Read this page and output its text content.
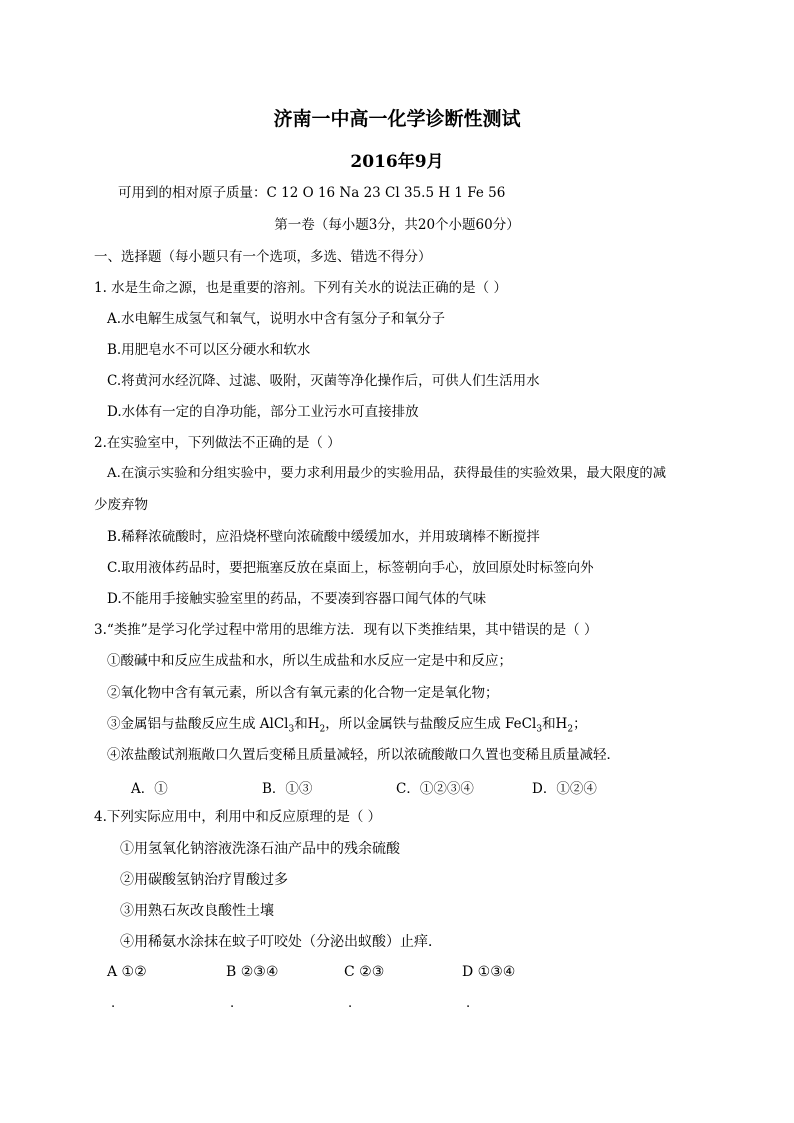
济南一中高一化学诊断性测试
2016年9月
可用到的相对原子质量：C 12 O 16 Na 23 Cl 35.5 H 1 Fe 56
第一卷（每小题3分，共20个小题60分）
一、选择题（每小题只有一个选项，多选、错选不得分）
1. 水是生命之源，也是重要的溶剂。下列有关水的说法正确的是（ ）
A.水电解生成氢气和氧气，说明水中含有氢分子和氧分子
B.用肥皂水不可以区分硬水和软水
C.将黄河水经沉降、过滤、吸附，灭菌等净化操作后，可供人们生活用水
D.水体有一定的自净功能，部分工业污水可直接排放
2.在实验室中，下列做法不正确的是（ ）
A.在演示实验和分组实验中，要力求利用最少的实验用品，获得最佳的实验效果，最大限度的减
少废弃物
B.稀释浓硫酸时，应沿烧杯壁向浓硫酸中缓缓加水，并用玻璃棒不断搅拌
C.取用液体药品时，要把瓶塞反放在桌面上，标签朝向手心，放回原处时标签向外
D.不能用手接触实验室里的药品，不要凑到容器口闻气体的气味
3.“类推”是学习化学过程中常用的思维方法．现有以下类推结果，其中错误的是（ ）
①酸碱中和反应生成盐和水，所以生成盐和水反应一定是中和反应；
②氧化物中含有氧元素，所以含有氧元素的化合物一定是氧化物；
③金属铝与盐酸反应生成 AlCl$_3$和$H_2$，所以金属铁与盐酸反应生成 FeCl$_3$和$H_2$；
④浓盐酸试剂瓶敞口久置后变稀且质量减轻，所以浓硫酸敞口久置也变稀且质量减轻．
A．①	B．①③	C．①②③④	D．①②④
4.下列实际应用中，利用中和反应原理的是（ ）
①用氢氧化钠溶液洗涤石油产品中的残余硫酸
②用碳酸氢钠治疗胃酸过多
③用熟石灰改良酸性土壤
④用稀氨水涂抹在蚊子叮咬处（分泌出蚁酸）止痒．
A ①②	B ②③④	C ②③	D ①③④
.	.	.	.
